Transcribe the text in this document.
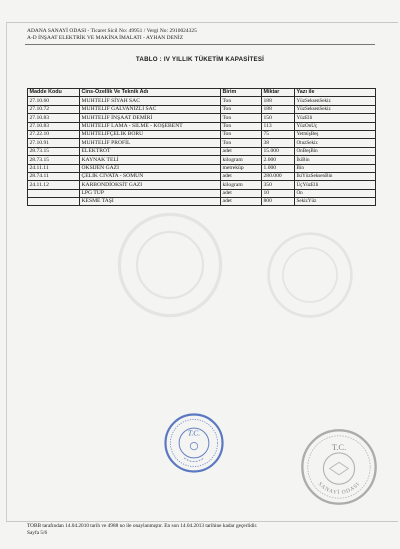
ADANA SANAYİ ODASI - Ticaret Sicil No: 49951 / Vergi No: 2910024325
A-D İNŞAAT ELEKTRİK VE MAKİNA İMALATI - AYHAN DENİZ
TABLO : IV YILLIK TÜKETİM KAPASİTESİ
Madde Kodu	Cins-Özellik Ve Teknik Adı	Birim	Miktar	Yazı ile
27.10.60	MUHTELİF SİYAH SAC	Ton	188	YüzSeksenSekiz
27.10.72	MUHTELİF GALVANİZLİ SAC	Ton	188	YüzSeksenSekiz
27.10.83	MUHTELİF İNŞAAT DEMİRİ	Ton	150	YüzElli
27.10.83	MUHTELİF LAMA - SİLME - KÖŞEBENT	Ton	113	YüzOnÜç
27.22.10	MUHTELİFÇELİK BORU	Ton	75	YetmişBeş
27.10.91	MUHTELİF PROFİL	Ton	38	OtuzSekiz
28.73.15	ELEKTROT	adet	15.000	OnBeşBin
28.73.15	KAYNAK TELİ	kilogram	2.000	İkiBin
24.11.11	OKSİJEN GAZI	metreküp	1.000	Bin
28.74.11	ÇELİK CİVATA - SOMUN	adet	280.000	İkiYüzSeksenBin
24.11.12	KARBONDİOKSİT GAZI	kilogram	350	ÜçYüzElli
	LPG TÜP	adet	10	On
	KESME TAŞI	adet	800	SekizYüz
T.C.
T.C.
SANAYİ ODASI
TOBB tarafından 14.04.2010 tarih ve 4988 no ile onaylanmıştır. En son 14.04.2013 tarihine kadar geçerlidir.
Sayfa 5/6
